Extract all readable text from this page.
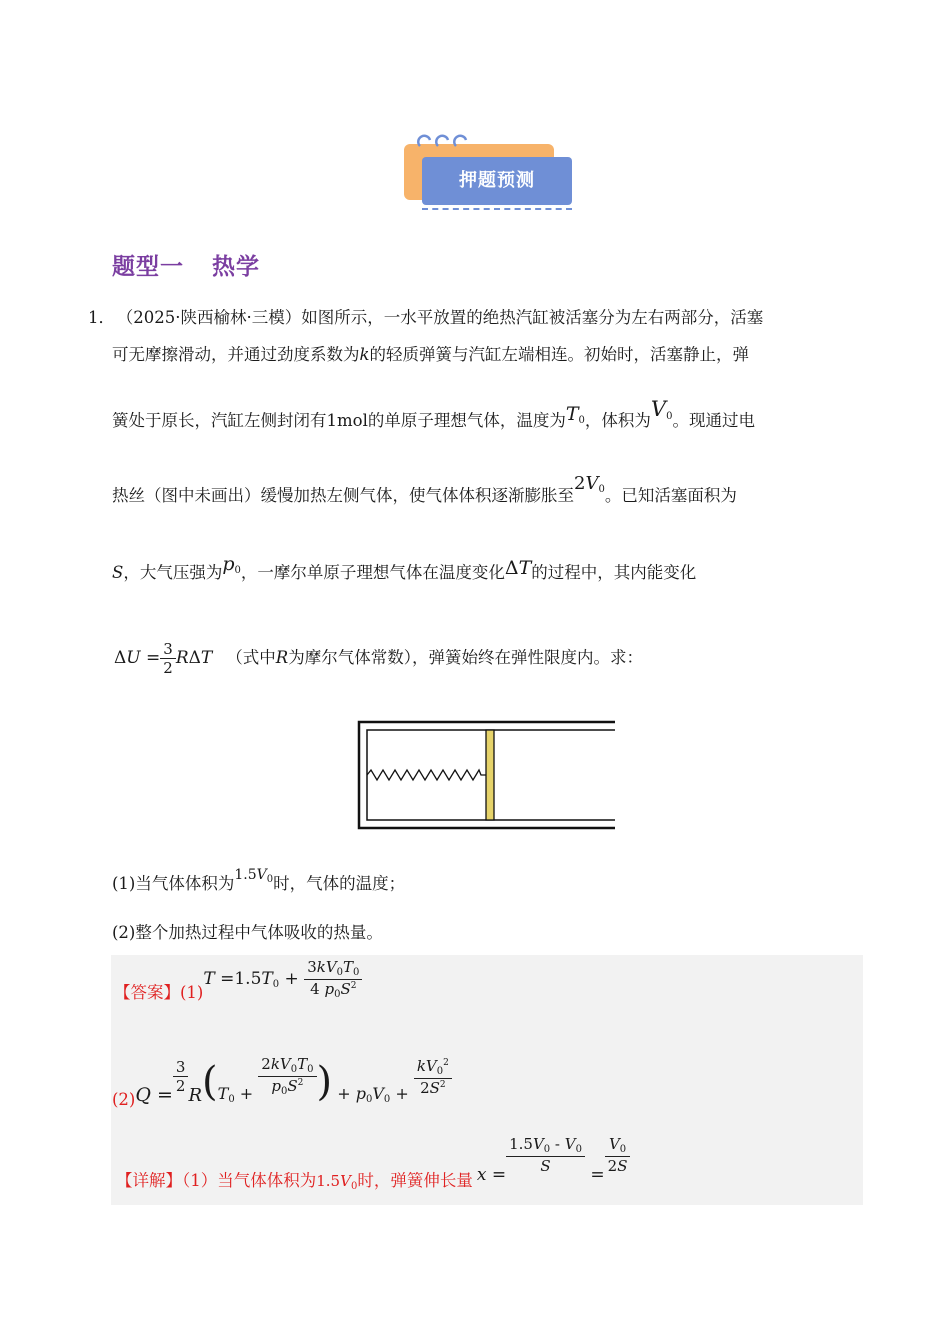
押题预测
题型一 热学
1． （2025·陕西榆林·三模）如图所示，一水平放置的绝热汽缸被活塞分为左右两部分，活塞
可无摩擦滑动，并通过劲度系数为k的轻质弹簧与汽缸左端相连。初始时，活塞静止，弹
簧处于原长，汽缸左侧封闭有1mol的单原子理想气体，温度为$T_0$，体积为$V_0$。现通过电
热丝（图中未画出）缓慢加热左侧气体，使气体体积逐渐膨胀至$2V_0$。已知活塞面积为
S，大气压强为$p_0$，一摩尔单原子理想气体在温度变化ΔT的过程中，其内能变化
$\Delta U = \frac{3}{2}$ RΔT （式中R为摩尔气体常数），弹簧始终在弹性限度内。求：
(1)当气体体积为$^{1.5V_0}$时，气体的温度；
(2)整个加热过程中气体吸收的热量。
【答案】$(1)T =1.5T_0 + \frac{3kV_0T_0}{4 p_0S^2}$
$(2)Q = \frac{3}{2}$
$R(T_0 + \frac{2kV_0T_0}{p_0S^2}$ ) + $p_0V_0 + \frac{kV_0^2}{2S^2}$
【详解】（1）当气体体积为$1.5V_0$时，弹簧伸长量 $x = \frac{1.5V_0 - V_0}{S} = \frac{V_0}{2S}$
